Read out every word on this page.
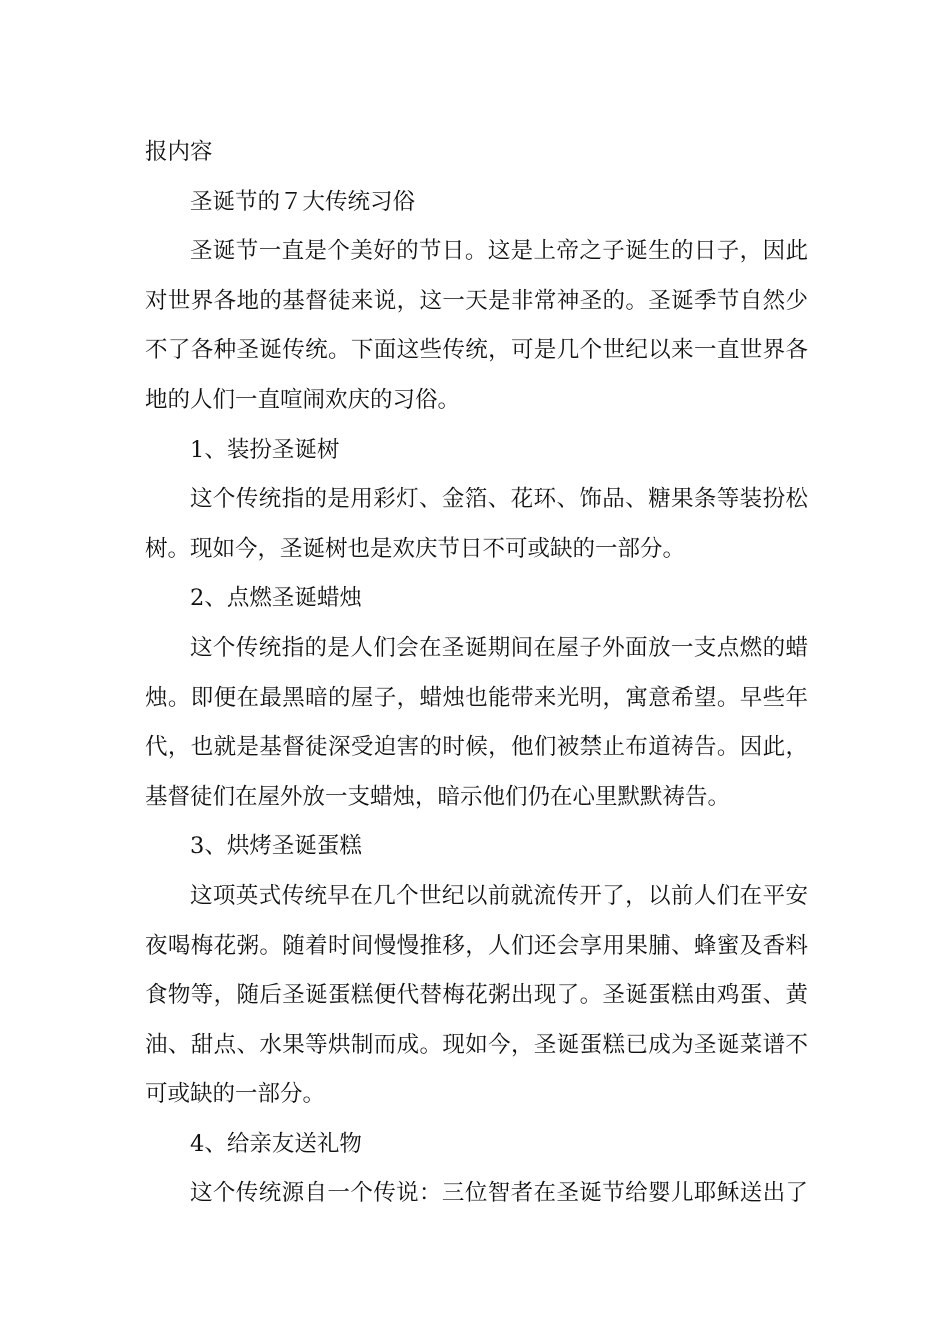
报内容
圣诞节的７大传统习俗
圣诞节一直是个美好的节日。这是上帝之子诞生的日子，因此
对世界各地的基督徒来说，这一天是非常神圣的。圣诞季节自然少
不了各种圣诞传统。下面这些传统，可是几个世纪以来一直世界各
地的人们一直喧闹欢庆的习俗。
1、装扮圣诞树
这个传统指的是用彩灯、金箔、花环、饰品、糖果条等装扮松
树。现如今，圣诞树也是欢庆节日不可或缺的一部分。
2、点燃圣诞蜡烛
这个传统指的是人们会在圣诞期间在屋子外面放一支点燃的蜡
烛。即便在最黑暗的屋子，蜡烛也能带来光明，寓意希望。早些年
代，也就是基督徒深受迫害的时候，他们被禁止布道祷告。因此，
基督徒们在屋外放一支蜡烛，暗示他们仍在心里默默祷告。
3、烘烤圣诞蛋糕
这项英式传统早在几个世纪以前就流传开了，以前人们在平安
夜喝梅花粥。随着时间慢慢推移，人们还会享用果脯、蜂蜜及香料
食物等，随后圣诞蛋糕便代替梅花粥出现了。圣诞蛋糕由鸡蛋、黄
油、甜点、水果等烘制而成。现如今，圣诞蛋糕已成为圣诞菜谱不
可或缺的一部分。
4、给亲友送礼物
这个传统源自一个传说：三位智者在圣诞节给婴儿耶稣送出了
